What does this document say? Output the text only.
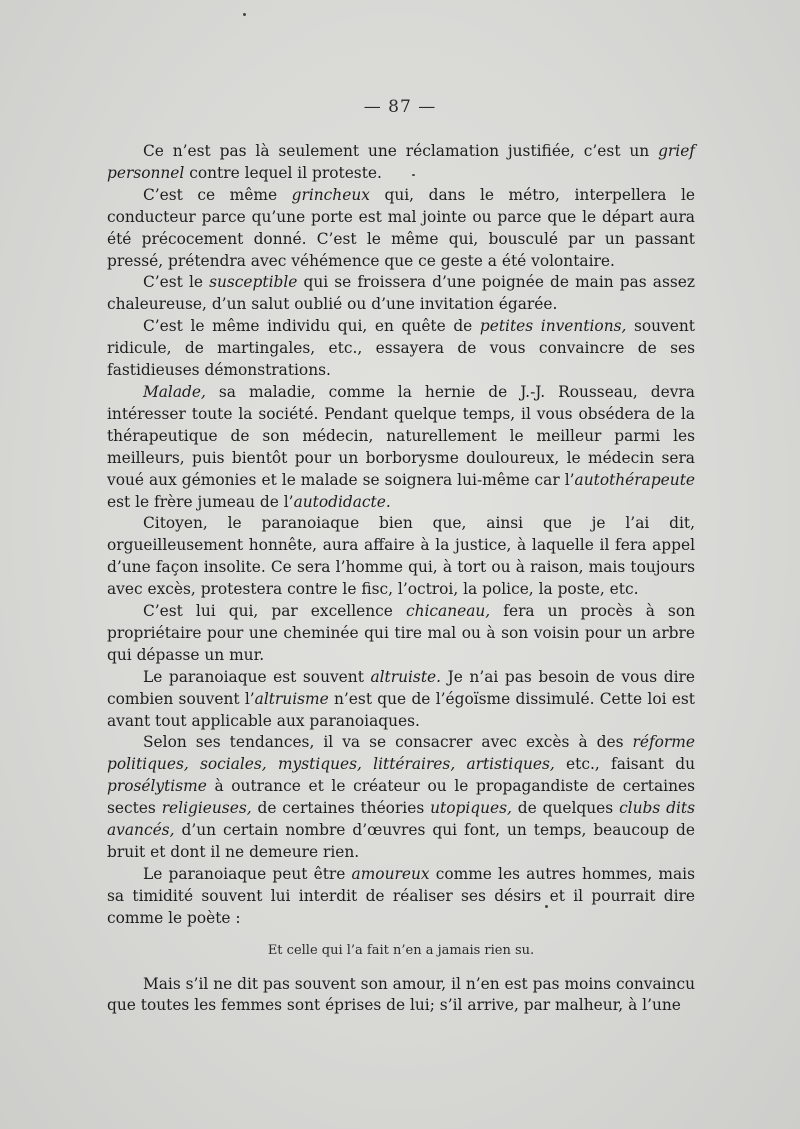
— 87 —

Ce n’est pas là seulement une réclamation justifiée, c’est un grief personnel contre lequel il proteste.

C’est ce même grincheux qui, dans le métro, interpellera le conducteur parce qu’une porte est mal jointe ou parce que le départ aura été précocement donné. C’est le même qui, bousculé par un passant pressé, prétendra avec véhémence que ce geste a été volontaire.

C’est le susceptible qui se froissera d’une poignée de main pas assez chaleureuse, d’un salut oublié ou d’une invitation égarée.

C’est le même individu qui, en quête de petites inventions, souvent ridicule, de martingales, etc., essayera de vous convaincre de ses fastidieuses démonstrations.

Malade, sa maladie, comme la hernie de J.-J. Rousseau, devra intéresser toute la société. Pendant quelque temps, il vous obsédera de la thérapeutique de son médecin, naturellement le meilleur parmi les meilleurs, puis bientôt pour un borborysme douloureux, le médecin sera voué aux gémonies et le malade se soignera lui-même car l’autothérapeute est le frère jumeau de l’autodidacte.

Citoyen, le paranoiaque bien que, ainsi que je l’ai dit, orgueilleusement honnête, aura affaire à la justice, à laquelle il fera appel d’une façon insolite. Ce sera l’homme qui, à tort ou à raison, mais toujours avec excès, protestera contre le fisc, l’octroi, la police, la poste, etc.

C’est lui qui, par excellence chicaneau, fera un procès à son propriétaire pour une cheminée qui tire mal ou à son voisin pour un arbre qui dépasse un mur.

Le paranoiaque est souvent altruiste. Je n’ai pas besoin de vous dire combien souvent l’altruisme n’est que de l’égoïsme dissimulé. Cette loi est avant tout applicable aux paranoiaques.

Selon ses tendances, il va se consacrer avec excès à des réforme politiques, sociales, mystiques, littéraires, artistiques, etc., faisant du prosélytisme à outrance et le créateur ou le propagandiste de certaines sectes religieuses, de certaines théories utopiques, de quelques clubs dits avancés, d’un certain nombre d’œuvres qui font, un temps, beaucoup de bruit et dont il ne demeure rien.

Le paranoiaque peut être amoureux comme les autres hommes, mais sa timidité souvent lui interdit de réaliser ses désirs et il pourrait dire comme le poète :

Et celle qui l’a fait n’en a jamais rien su.

Mais s’il ne dit pas souvent son amour, il n’en est pas moins convaincu que toutes les femmes sont éprises de lui; s’il arrive, par malheur, à l’une
